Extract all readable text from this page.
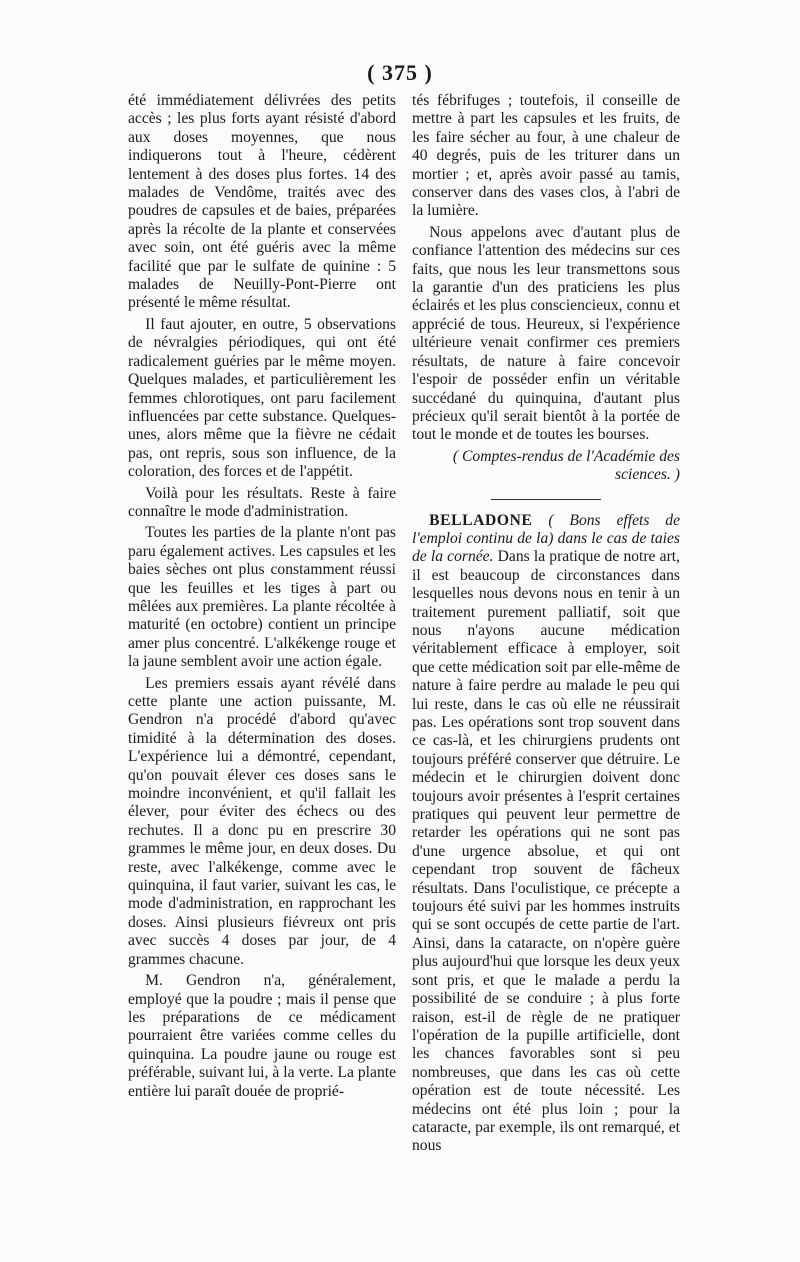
( 375 )

été immédiatement délivrées des petits accès ; les plus forts ayant résisté d'abord aux doses moyennes, que nous indiquerons tout à l'heure, cédèrent lentement à des doses plus fortes. 14 des malades de Vendôme, traités avec des poudres de capsules et de baies, préparées après la récolte de la plante et conservées avec soin, ont été guéris avec la même facilité que par le sulfate de quinine : 5 malades de Neuilly-Pont-Pierre ont présenté le même résultat.

Il faut ajouter, en outre, 5 observations de névralgies périodiques, qui ont été radicalement guéries par le même moyen. Quelques malades, et particulièrement les femmes chlorotiques, ont paru facilement influencées par cette substance. Quelques-unes, alors même que la fièvre ne cédait pas, ont repris, sous son influence, de la coloration, des forces et de l'appétit.

Voilà pour les résultats. Reste à faire connaître le mode d'administration.

Toutes les parties de la plante n'ont pas paru également actives. Les capsules et les baies sèches ont plus constamment réussi que les feuilles et les tiges à part ou mêlées aux premières. La plante récoltée à maturité (en octobre) contient un principe amer plus concentré. L'alkékenge rouge et la jaune semblent avoir une action égale.

Les premiers essais ayant révélé dans cette plante une action puissante, M. Gendron n'a procédé d'abord qu'avec timidité à la détermination des doses. L'expérience lui a démontré, cependant, qu'on pouvait élever ces doses sans le moindre inconvénient, et qu'il fallait les élever, pour éviter des échecs ou des rechutes. Il a donc pu en prescrire 30 grammes le même jour, en deux doses. Du reste, avec l'alkékenge, comme avec le quinquina, il faut varier, suivant les cas, le mode d'administration, en rapprochant les doses. Ainsi plusieurs fiévreux ont pris avec succès 4 doses par jour, de 4 grammes chacune.

M. Gendron n'a, généralement, employé que la poudre ; mais il pense que les préparations de ce médicament pourraient être variées comme celles du quinquina. La poudre jaune ou rouge est préférable, suivant lui, à la verte. La plante entière lui paraît douée de proprié-

tés fébrifuges ; toutefois, il conseille de mettre à part les capsules et les fruits, de les faire sécher au four, à une chaleur de 40 degrés, puis de les triturer dans un mortier ; et, après avoir passé au tamis, conserver dans des vases clos, à l'abri de la lumière.

Nous appelons avec d'autant plus de confiance l'attention des médecins sur ces faits, que nous les leur transmettons sous la garantie d'un des praticiens les plus éclairés et les plus consciencieux, connu et apprécié de tous. Heureux, si l'expérience ultérieure venait confirmer ces premiers résultats, de nature à faire concevoir l'espoir de posséder enfin un véritable succédané du quinquina, d'autant plus précieux qu'il serait bientôt à la portée de tout le monde et de toutes les bourses.

( Comptes-rendus de l'Académie des sciences. )

BELLADONE ( Bons effets de l'emploi continu de la) dans le cas de taies de la cornée. Dans la pratique de notre art, il est beaucoup de circonstances dans lesquelles nous devons nous en tenir à un traitement purement palliatif, soit que nous n'ayons aucune médication véritablement efficace à employer, soit que cette médication soit par elle-même de nature à faire perdre au malade le peu qui lui reste, dans le cas où elle ne réussirait pas. Les opérations sont trop souvent dans ce cas-là, et les chirurgiens prudents ont toujours préféré conserver que détruire. Le médecin et le chirurgien doivent donc toujours avoir présentes à l'esprit certaines pratiques qui peuvent leur permettre de retarder les opérations qui ne sont pas d'une urgence absolue, et qui ont cependant trop souvent de fâcheux résultats. Dans l'oculistique, ce précepte a toujours été suivi par les hommes instruits qui se sont occupés de cette partie de l'art. Ainsi, dans la cataracte, on n'opère guère plus aujourd'hui que lorsque les deux yeux sont pris, et que le malade a perdu la possibilité de se conduire ; à plus forte raison, est-il de règle de ne pratiquer l'opération de la pupille artificielle, dont les chances favorables sont si peu nombreuses, que dans les cas où cette opération est de toute nécessité. Les médecins ont été plus loin ; pour la cataracte, par exemple, ils ont remarqué, et nous
